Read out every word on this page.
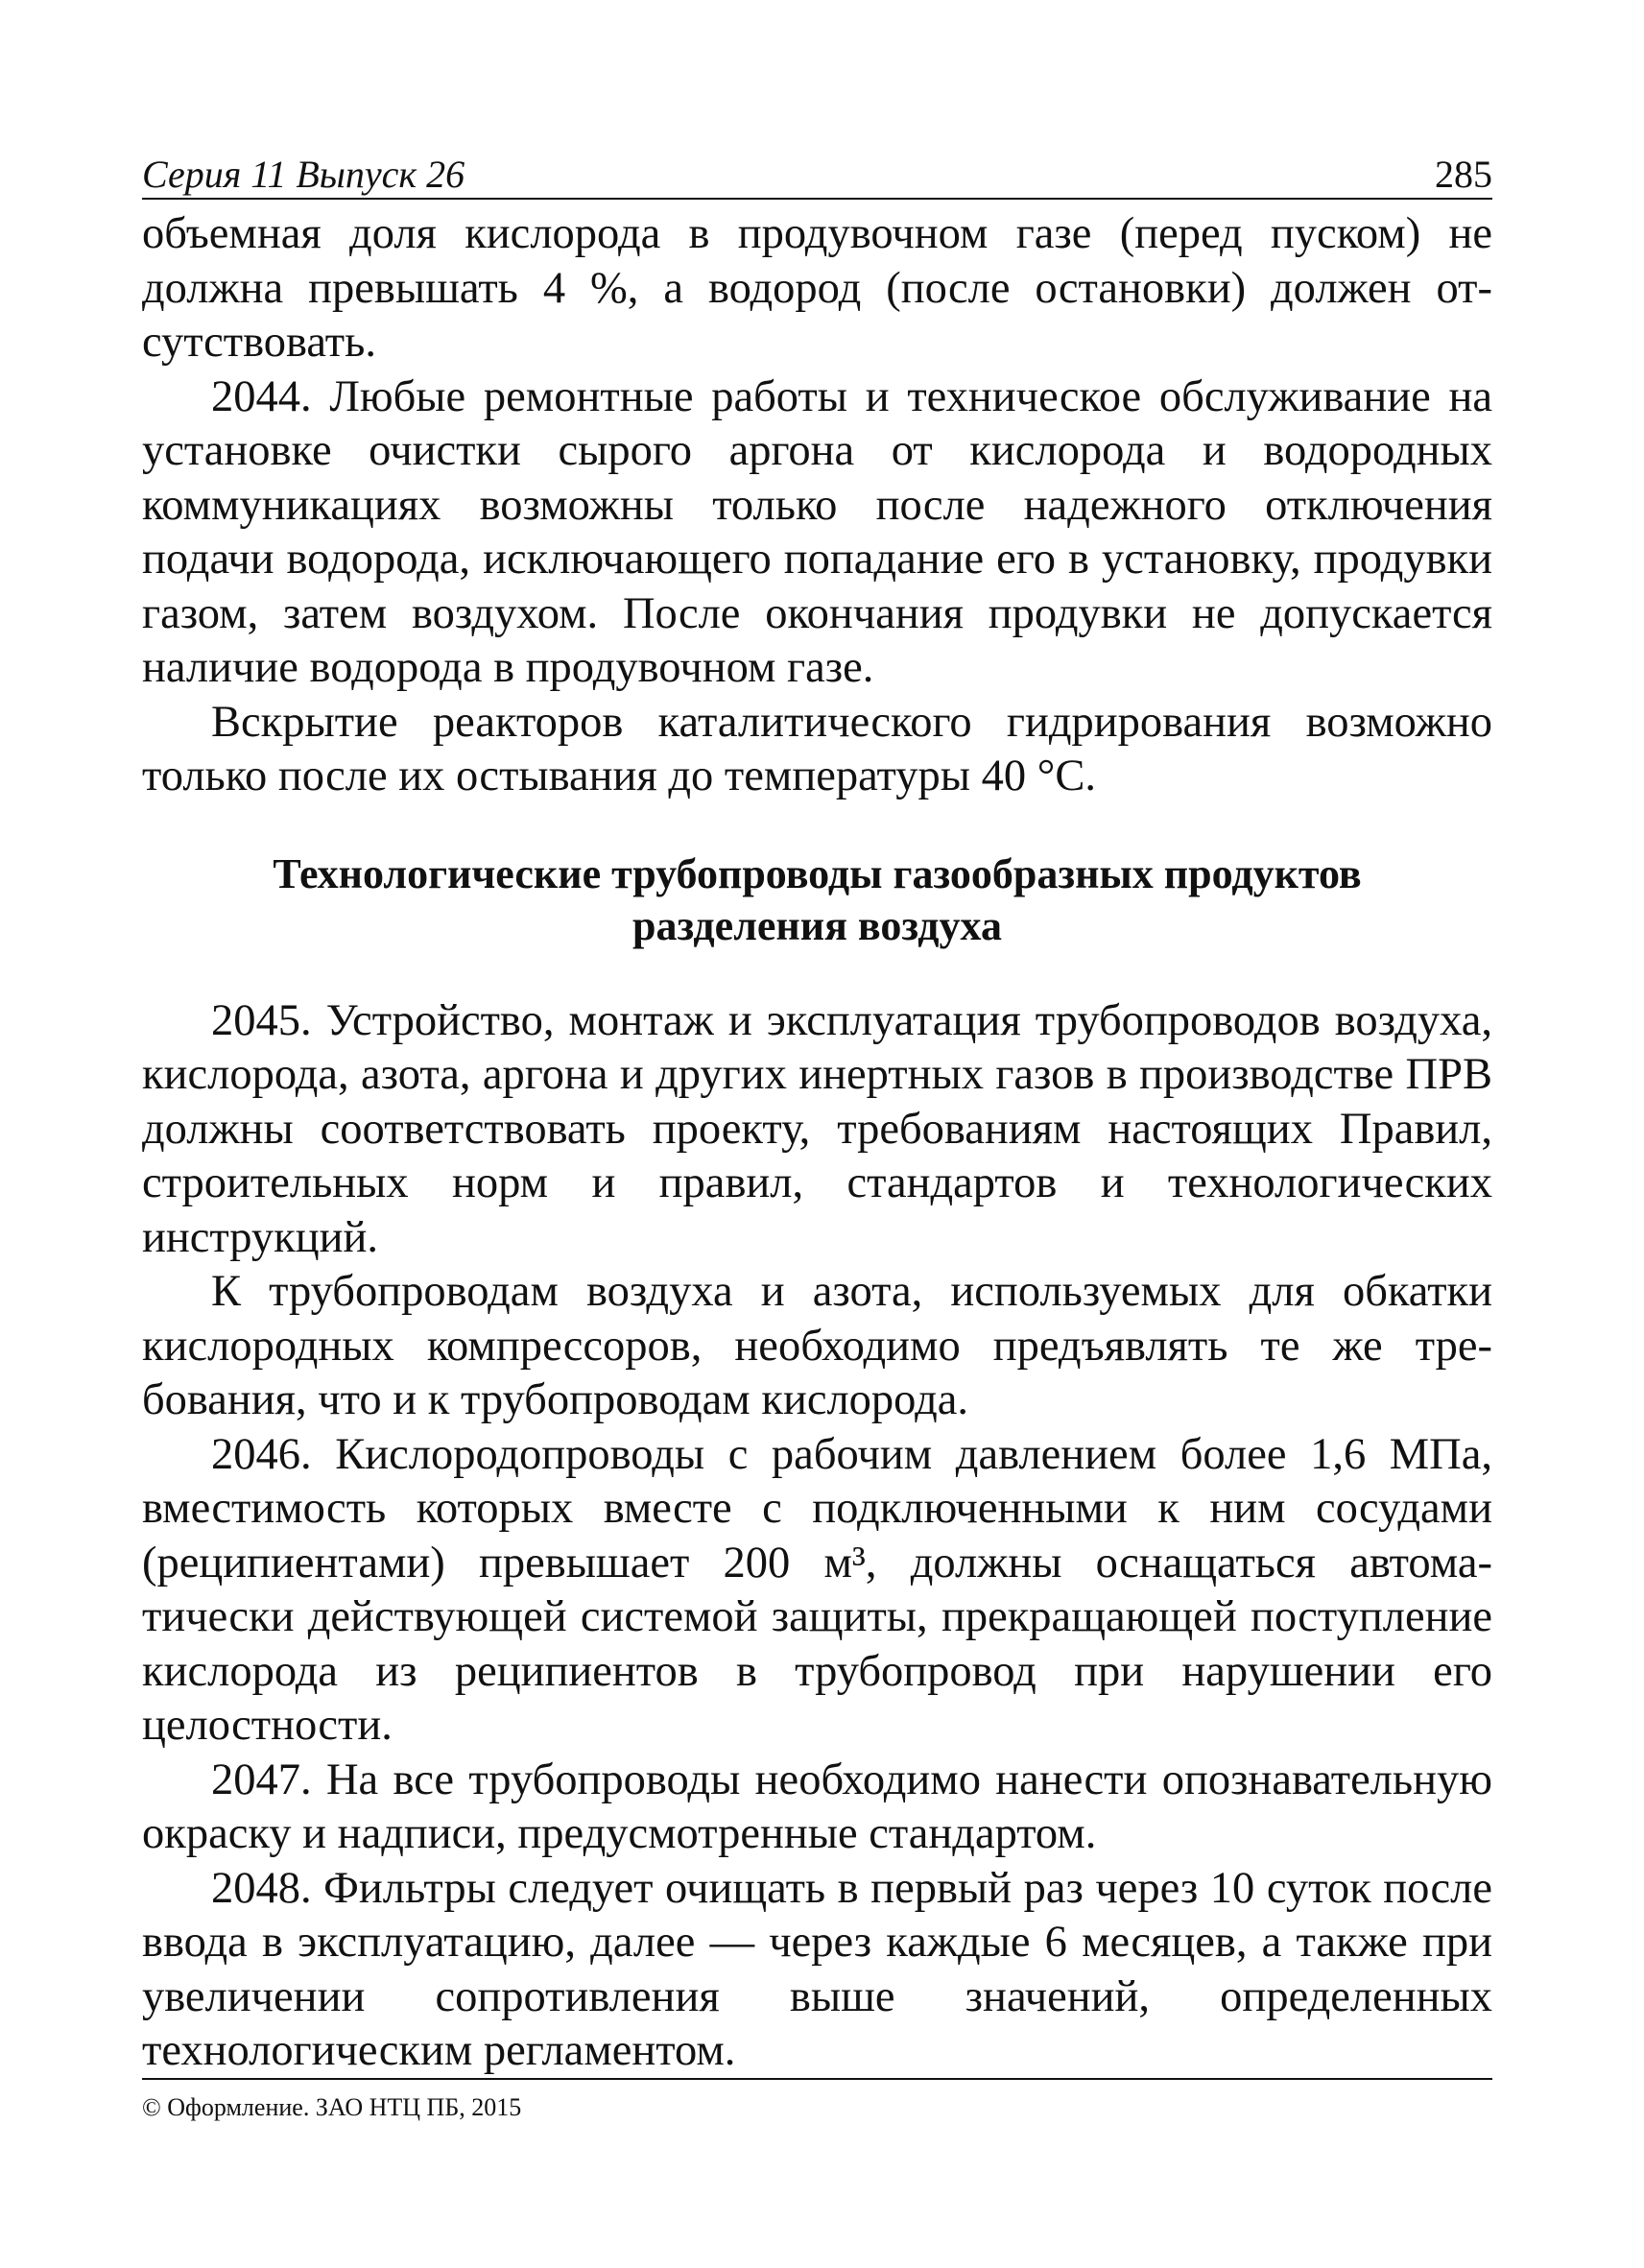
Серия 11 Выпуск 26	285

объемная доля кислорода в продувочном газе (перед пуском) не должна превышать 4 %, а водород (после остановки) должен отсутствовать.

2044. Любые ремонтные работы и техническое обслуживание на установке очистки сырого аргона от кислорода и водородных коммуникациях возможны только после надежного отключения подачи водорода, исключающего попадание его в установку, продувки газом, затем воздухом. После окончания продувки не допускается наличие водорода в продувочном газе.

Вскрытие реакторов каталитического гидрирования возможно только после их остывания до температуры 40 °С.

Технологические трубопроводы газообразных продуктов
разделения воздуха

2045. Устройство, монтаж и эксплуатация трубопроводов воздуха, кислорода, азота, аргона и других инертных газов в производстве ПРВ должны соответствовать проекту, требованиям настоящих Правил, строительных норм и правил, стандартов и технологических инструкций.

К трубопроводам воздуха и азота, используемых для обкатки кислородных компрессоров, необходимо предъявлять те же требования, что и к трубопроводам кислорода.

2046. Кислородопроводы с рабочим давлением более 1,6 МПа, вместимость которых вместе с подключенными к ним сосудами (реципиентами) превышает 200 м³, должны оснащаться автоматически действующей системой защиты, прекращающей поступление кислорода из реципиентов в трубопровод при нарушении его целостности.

2047. На все трубопроводы необходимо нанести опознавательную окраску и надписи, предусмотренные стандартом.

2048. Фильтры следует очищать в первый раз через 10 суток после ввода в эксплуатацию, далее — через каждые 6 месяцев, а также при увеличении сопротивления выше значений, определенных технологическим регламентом.

© Оформление. ЗАО НТЦ ПБ, 2015
